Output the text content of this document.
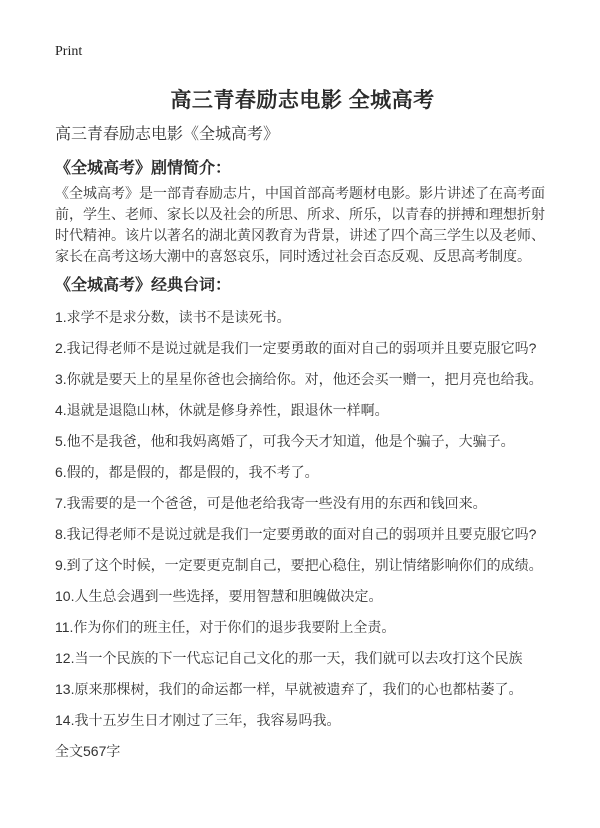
Print
高三青春励志电影 全城高考

高三青春励志电影《全城高考》

《全城高考》剧情简介：

《全城高考》是一部青春励志片，中国首部高考题材电影。影片讲述了在高考面前，学生、老师、家长以及社会的所思、所求、所乐，以青春的拼搏和理想折射时代精神。该片以著名的湖北黄冈教育为背景，讲述了四个高三学生以及老师、家长在高考这场大潮中的喜怒哀乐，同时透过社会百态反观、反思高考制度。

《全城高考》经典台词：

1.求学不是求分数，读书不是读死书。

2.我记得老师不是说过就是我们一定要勇敢的面对自己的弱项并且要克服它吗?

3.你就是要天上的星星你爸也会摘给你。对，他还会买一赠一，把月亮也给我。

4.退就是退隐山林，休就是修身养性，跟退休一样啊。

5.他不是我爸，他和我妈离婚了，可我今天才知道，他是个骗子，大骗子。

6.假的，都是假的，都是假的，我不考了。

7.我需要的是一个爸爸，可是他老给我寄一些没有用的东西和钱回来。

8.我记得老师不是说过就是我们一定要勇敢的面对自己的弱项并且要克服它吗?

9.到了这个时候，一定要更克制自己，要把心稳住，别让情绪影响你们的成绩。

10.人生总会遇到一些选择，要用智慧和胆魄做决定。

11.作为你们的班主任，对于你们的退步我要附上全责。

12.当一个民族的下一代忘记自己文化的那一天，我们就可以去攻打这个民族

13.原来那棵树，我们的命运都一样，早就被遗弃了，我们的心也都枯萎了。

14.我十五岁生日才刚过了三年，我容易吗我。

全文567字
